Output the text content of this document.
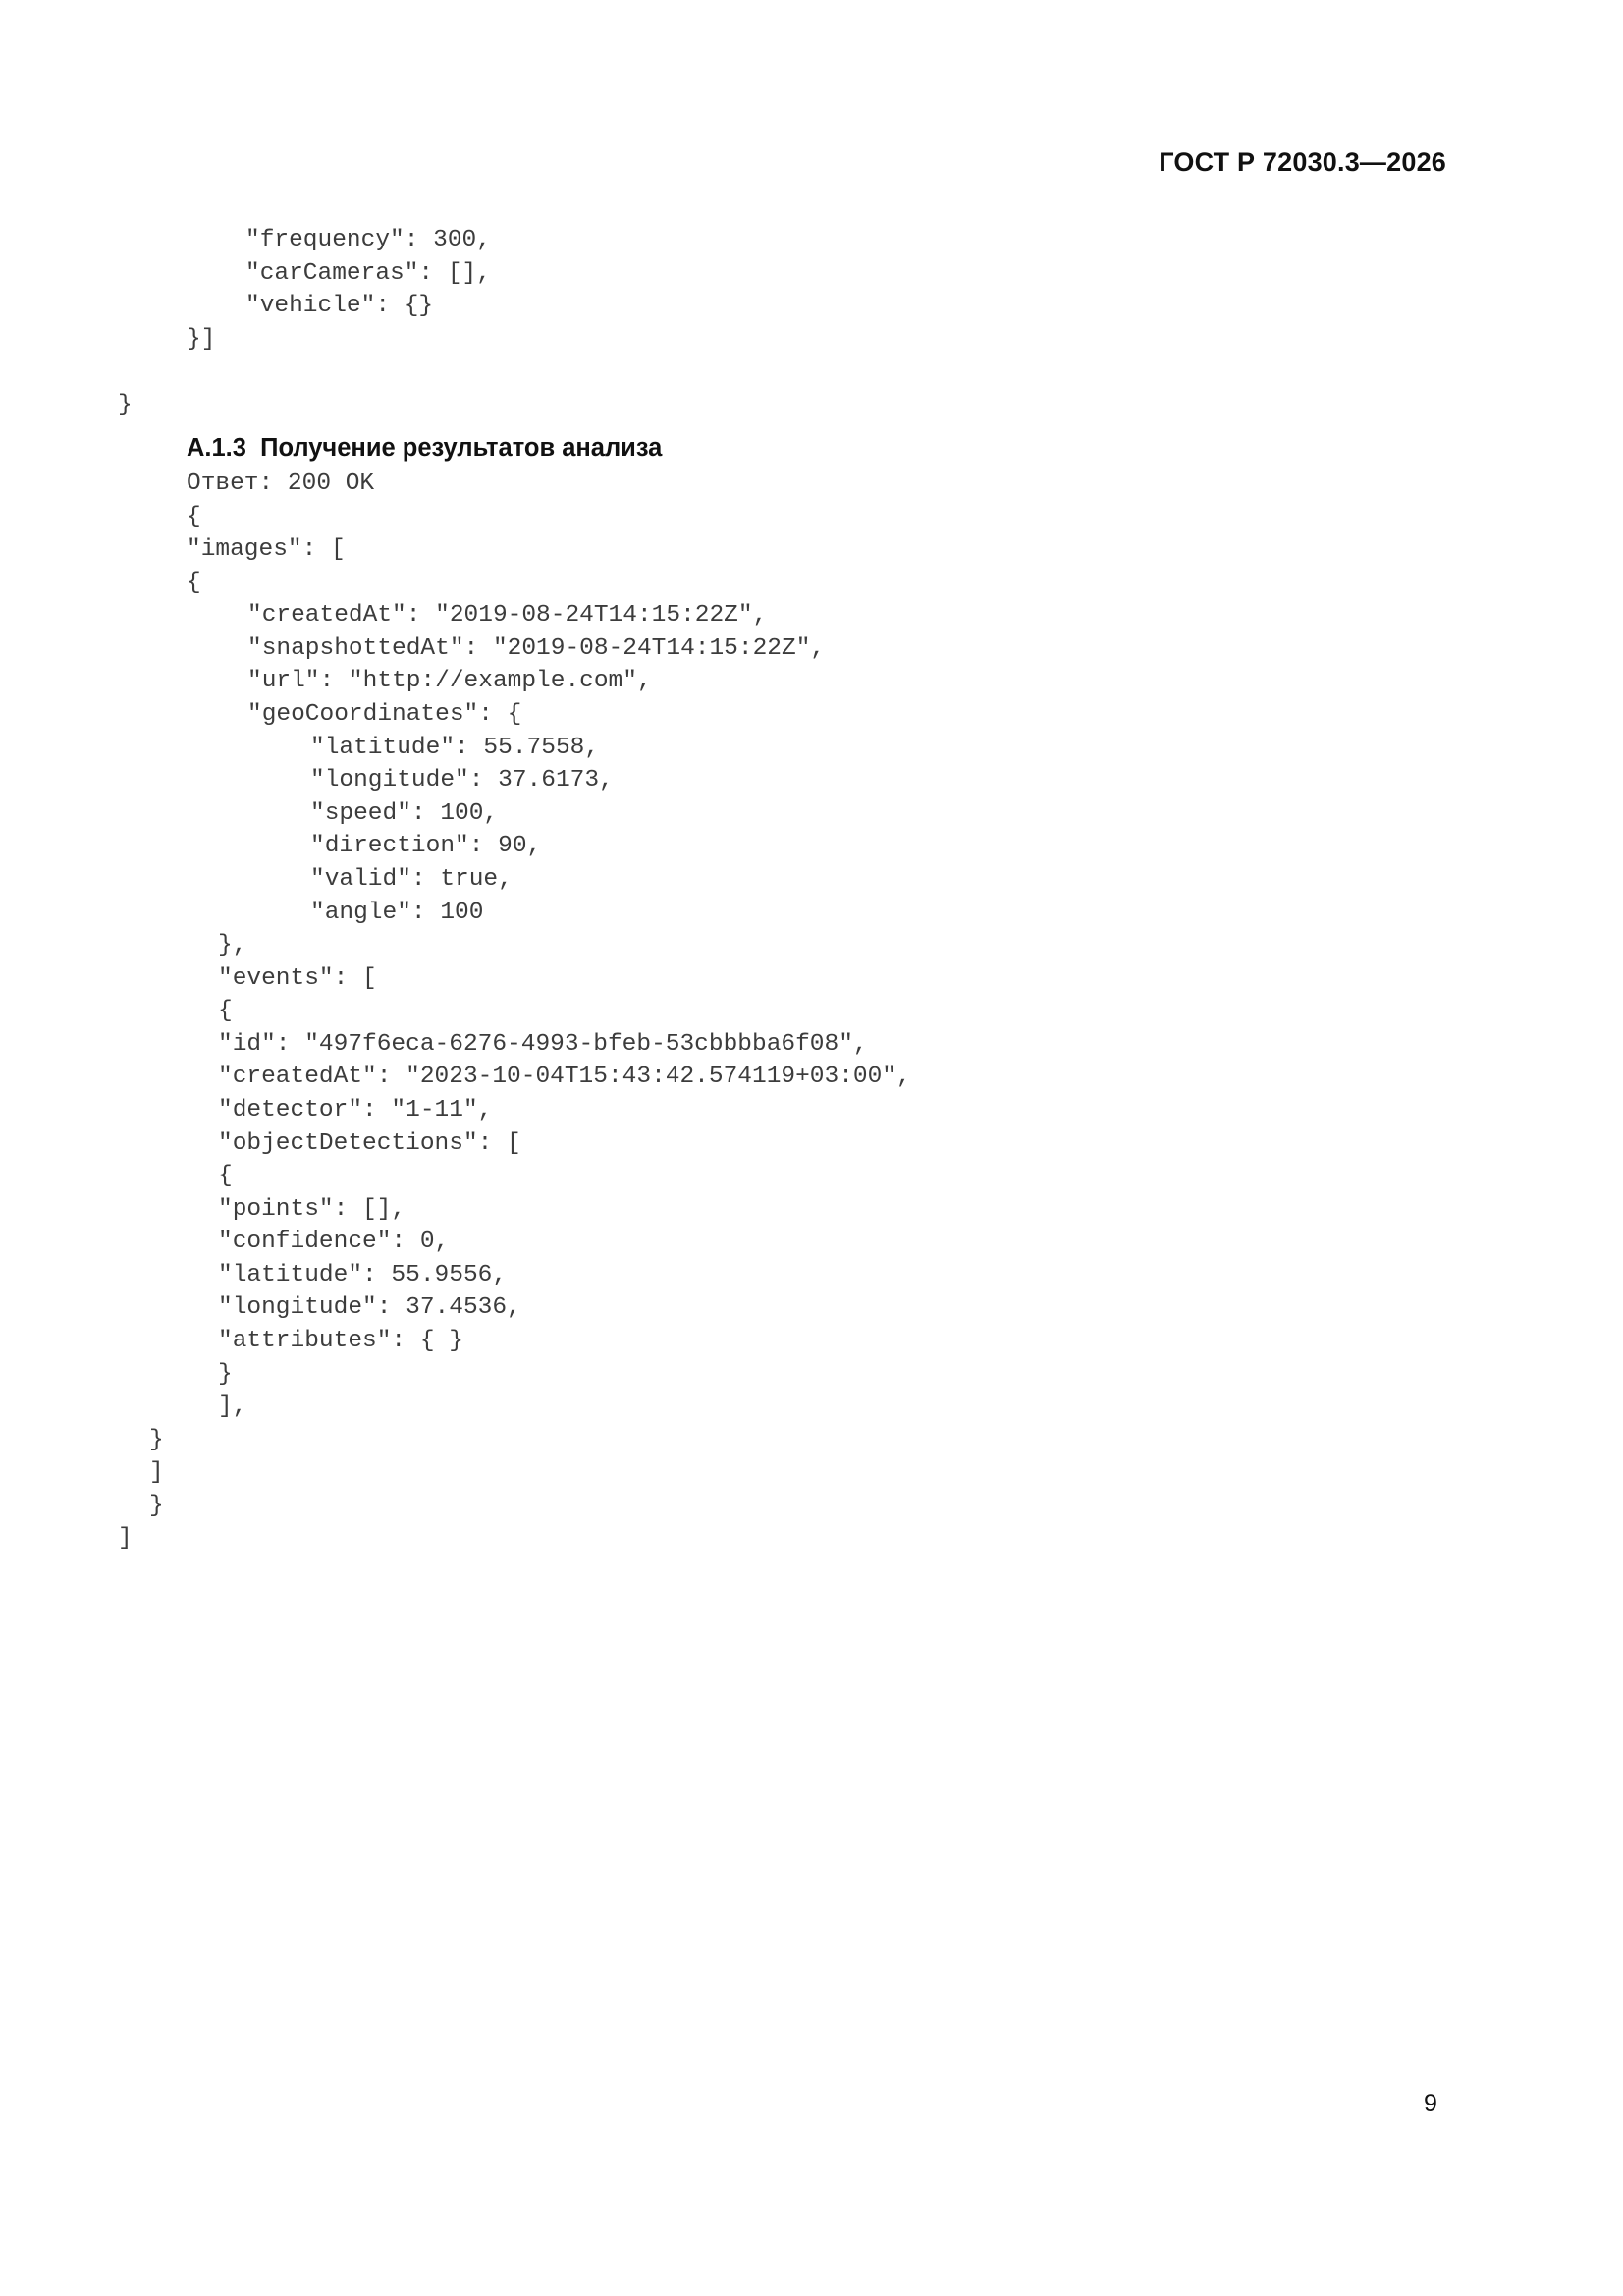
ГОСТ Р 72030.3—2026
"frequency": 300,
"carCameras": [],
"vehicle": {}
}]
}
А.1.3  Получение результатов анализа
Ответ: 200 OK
{
"images": [
{
"createdAt": "2019-08-24T14:15:22Z",
"snapshottedAt": "2019-08-24T14:15:22Z",
"url": "http://example.com",
"geoCoordinates": {
"latitude": 55.7558,
"longitude": 37.6173,
"speed": 100,
"direction": 90,
"valid": true,
"angle": 100
},
"events": [
{
"id": "497f6eca-6276-4993-bfeb-53cbbbba6f08",
"createdAt": "2023-10-04T15:43:42.574119+03:00",
"detector": "1-11",
"objectDetections": [
{
"points": [],
"confidence": 0,
"latitude": 55.9556,
"longitude": 37.4536,
"attributes": { }
}
],
}
]
}
]
9
